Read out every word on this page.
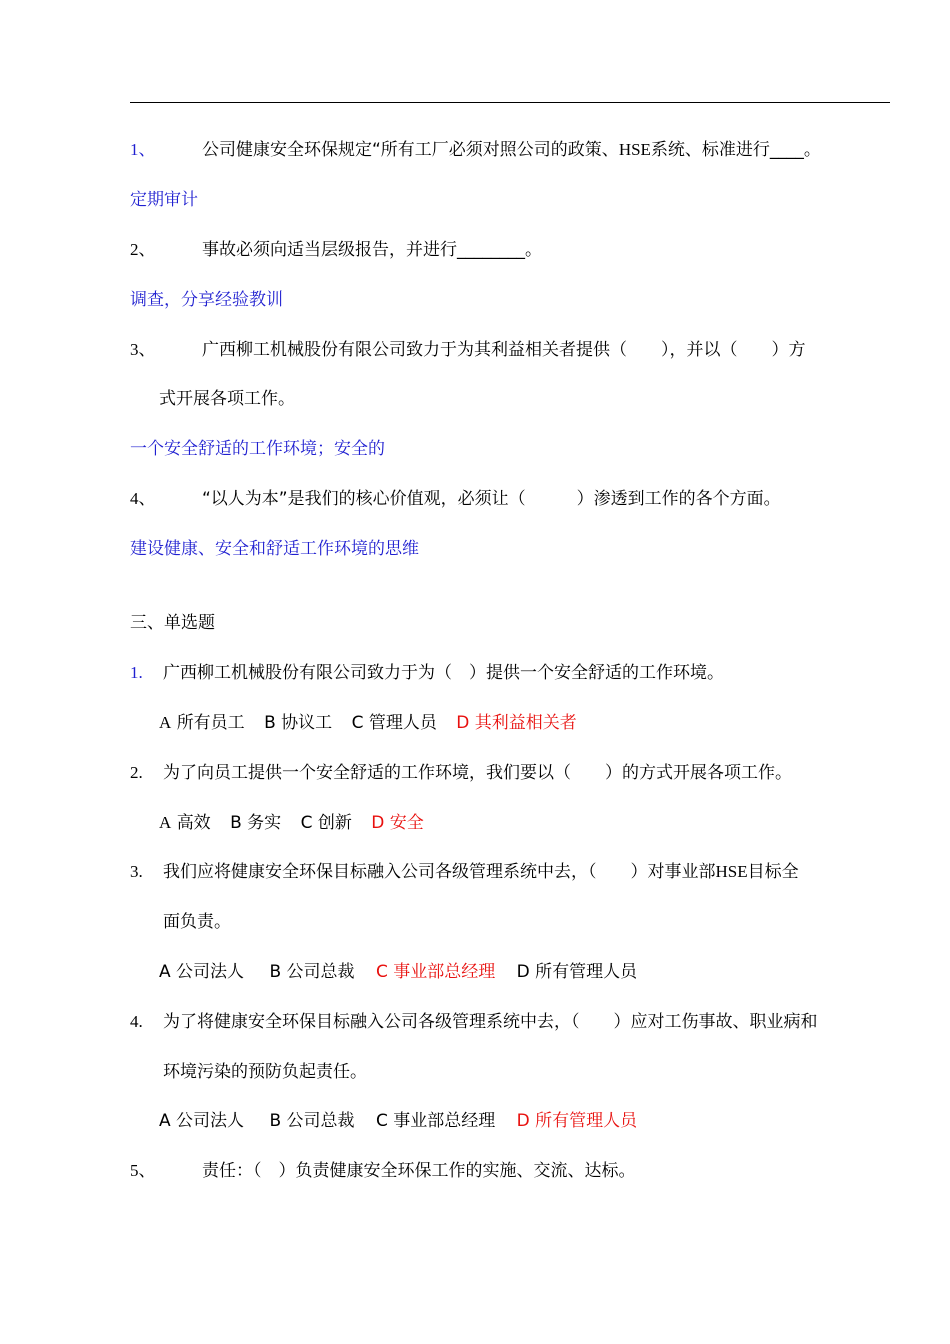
1、	公司健康安全环保规定“所有工厂必须对照公司的政策、HSE系统、标准进行____。
定期审计
2、	事故必须向适当层级报告，并进行________。
调查，分享经验教训
3、	广西柳工机械股份有限公司致力于为其利益相关者提供（　　），并以（　　）方
式开展各项工作。
一个安全舒适的工作环境；安全的
4、	“以人为本”是我们的核心价值观，必须让（　　　）渗透到工作的各个方面。
建设健康、安全和舒适工作环境的思维
三、单选题
1. 广西柳工机械股份有限公司致力于为（　）提供一个安全舒适的工作环境。
A 所有员工 B 协议工 C 管理人员 D 其利益相关者
2. 为了向员工提供一个安全舒适的工作环境，我们要以（　　）的方式开展各项工作。
A 高效 B 务实 C 创新 D 安全
3. 我们应将健康安全环保目标融入公司各级管理系统中去，（　　）对事业部HSE目标全
面负责。
A 公司法人 B 公司总裁 C 事业部总经理 D 所有管理人员
4. 为了将健康安全环保目标融入公司各级管理系统中去，（　　）应对工伤事故、职业病和
环境污染的预防负起责任。
A 公司法人 B 公司总裁 C 事业部总经理 D 所有管理人员
5、	责任：（　）负责健康安全环保工作的实施、交流、达标。
